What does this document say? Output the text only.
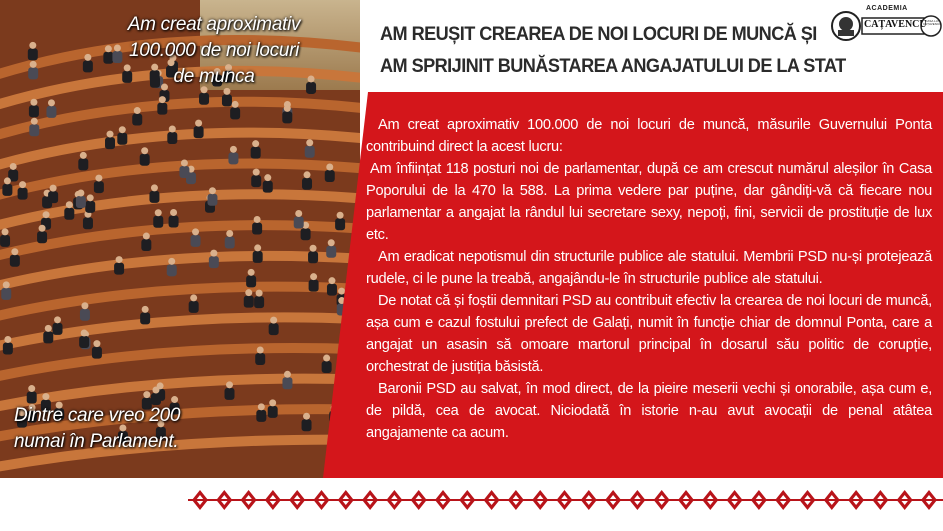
Am creat aproximativ
100.000 de noi locuri
de munca
Dintre care vreo 200
numai în Parlament.
AM REUȘIT CREAREA DE NOI LOCURI DE MUNCĂ ȘI
AM SPRIJINIT BUNĂSTAREA ANGAJATULUI DE LA STAT
ACADEMIA
CAȚAVENCU
CASA LUI CAȚAVENCU

Am creat aproximativ 100.000 de noi locuri de muncă, măsurile Guvernului Ponta contribuind direct la acest lucru:

Am înființat 118 posturi noi de parlamentar, după ce am crescut numărul aleșilor în Casa Poporului de la 470 la 588. La prima vedere par puține, dar gândiți-vă că fiecare nou parlamentar a angajat la rândul lui secretare sexy, nepoți, fini, servicii de prostituție de lux etc.

Am eradicat nepotismul din structurile publice ale statului. Membrii PSD nu-și protejează rudele, ci le pune la treabă, angajându-le în structurile publice ale statului.

De notat că și foștii demnitari PSD au contribuit efectiv la crearea de noi locuri de muncă, așa cum e cazul fostului prefect de Galați, numit în funcție chiar de domnul Ponta, care a angajat un asasin să omoare martorul principal în dosarul său politic de corupție, orchestrat de justiția băsistă.

Baronii PSD au salvat, în mod direct, de la pieire meserii vechi și onorabile, așa cum e, de pildă, cea de avocat. Niciodată în istorie n-au avut avocații de penal atâtea angajamente ca acum.
